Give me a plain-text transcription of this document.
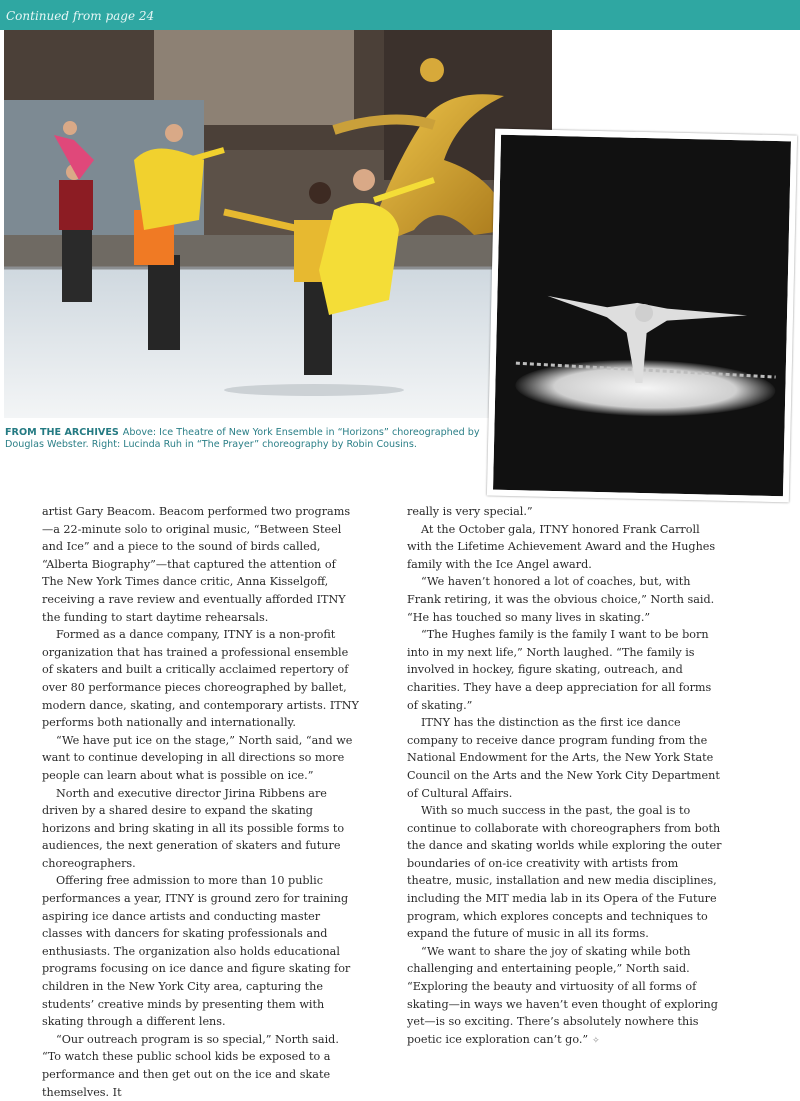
Continued from page 24
FROM THE ARCHIVES Above: Ice Theatre of New York Ensemble in “Horizons” choreographed by Douglas Webster. Right: Lucinda Ruh in “The Prayer” choreography by Robin Cousins.

artist Gary Beacom. Beacom performed two programs—a 22-minute solo to original music, “Between Steel and Ice” and a piece to the sound of birds called, “Alberta Biography”—that captured the attention of The New York Times dance critic, Anna Kisselgoff, receiving a rave review and eventually afforded ITNY the funding to start daytime rehearsals.

Formed as a dance company, ITNY is a non-profit organization that has trained a professional ensemble of skaters and built a critically acclaimed repertory of over 80 performance pieces choreographed by ballet, modern dance, skating, and contemporary artists. ITNY performs both nationally and internationally.

“We have put ice on the stage,” North said, “and we want to continue developing in all directions so more people can learn about what is possible on ice.”

North and executive director Jirina Ribbens are driven by a shared desire to expand the skating horizons and bring skating in all its possible forms to audiences, the next generation of skaters and future choreographers.

Offering free admission to more than 10 public performances a year, ITNY is ground zero for training aspiring ice dance artists and conducting master classes with dancers for skating professionals and enthusiasts. The organization also holds educational programs focusing on ice dance and figure skating for children in the New York City area, capturing the students’ creative minds by presenting them with skating through a different lens.

“Our outreach program is so special,” North said. “To watch these public school kids be exposed to a performance and then get out on the ice and skate themselves. It

really is very special.”

At the October gala, ITNY honored Frank Carroll with the Lifetime Achievement Award and the Hughes family with the Ice Angel award.

“We haven’t honored a lot of coaches, but, with Frank retiring, it was the obvious choice,” North said. “He has touched so many lives in skating.”

“The Hughes family is the family I want to be born into in my next life,” North laughed. “The family is involved in hockey, figure skating, outreach, and charities. They have a deep appreciation for all forms of skating.”

ITNY has the distinction as the first ice dance company to receive dance program funding from the National Endowment for the Arts, the New York State Council on the Arts and the New York City Department of Cultural Affairs.

With so much success in the past, the goal is to continue to collaborate with choreographers from both the dance and skating worlds while exploring the outer boundaries of on-ice creativity with artists from theatre, music, installation and new media disciplines, including the MIT media lab in its Opera of the Future program, which explores concepts and techniques to expand the future of music in all its forms.

“We want to share the joy of skating while both challenging and entertaining people,” North said. “Exploring the beauty and virtuosity of all forms of skating—in ways we haven’t even thought of exploring yet—is so exciting. There’s absolutely nowhere this poetic ice exploration can’t go.” ✧
